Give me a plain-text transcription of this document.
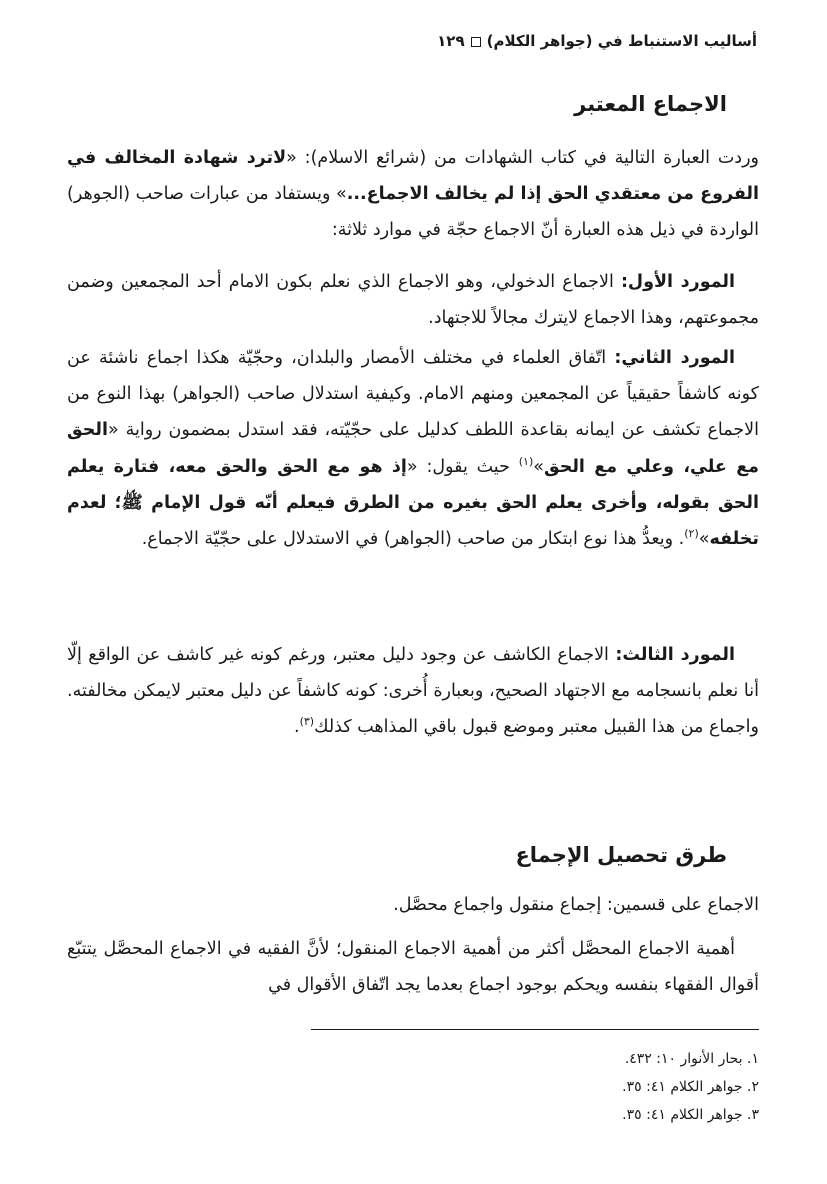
أساليب الاستنباط في (جواهر الكلام)١٢٩
الاجماع المعتبر
وردت العبارة التالية في كتاب الشهادات من (شرائع الاسلام): «لاترد شهادة المخالف في الفروع من معتقدي الحق إذا لم يخالف الاجماع...» ويستفاد من عبارات صاحب (الجوهر) الواردة في ذيل هذه العبارة أنّ الاجماع حجّة في موارد ثلاثة:
المورد الأول: الاجماع الدخولي، وهو الاجماع الذي نعلم بكون الامام أحد المجمعين وضمن مجموعتهم، وهذا الاجماع لايترك مجالاً للاجتهاد.
المورد الثاني: اتّفاق العلماء في مختلف الأمصار والبلدان، وحجّيّة هكذا اجماع ناشئة عن كونه كاشفاً حقيقياً عن المجمعين ومنهم الامام. وكيفية استدلال صاحب (الجواهر) بهذا النوع من الاجماع تكشف عن ايمانه بقاعدة اللطف كدليل على حجّيّته، فقد استدل بمضمون رواية «الحق مع علي، وعلي مع الحق»$^{(١)}$ حيث يقول: «إذ هو مع الحق والحق معه، فتارة يعلم الحق بقوله، وأخرى يعلم الحق بغيره من الطرق فيعلم أنّه قول الإمام ﷺ؛ لعدم تخلفه»$^{(٢)}$. ويعدُّ هذا نوع ابتكار من صاحب (الجواهر) في الاستدلال على حجّيّة الاجماع.
المورد الثالث: الاجماع الكاشف عن وجود دليل معتبر، ورغم كونه غير كاشف عن الواقع إلّا أنا نعلم بانسجامه مع الاجتهاد الصحيح، وبعبارة أُخرى: كونه كاشفاً عن دليل معتبر لايمكن مخالفته. واجماع من هذا القبيل معتبر وموضع قبول باقي المذاهب كذلك$^{(٣)}$.
طرق تحصيل الإجماع
الاجماع على قسمين: إجماع منقول واجماع محصَّل.
أهمية الاجماع المحصَّل أكثر من أهمية الاجماع المنقول؛ لأنَّ الفقيه في الاجماع المحصَّل يتتبّع أقوال الفقهاء بنفسه ويحكم بوجود اجماع بعدما يجد اتّفاق الأقوال في
١. بحار الأنوار ١٠: ٤٣٢.
٢. جواهر الكلام ٤١: ٣٥.
٣. جواهر الكلام ٤١: ٣٥.
